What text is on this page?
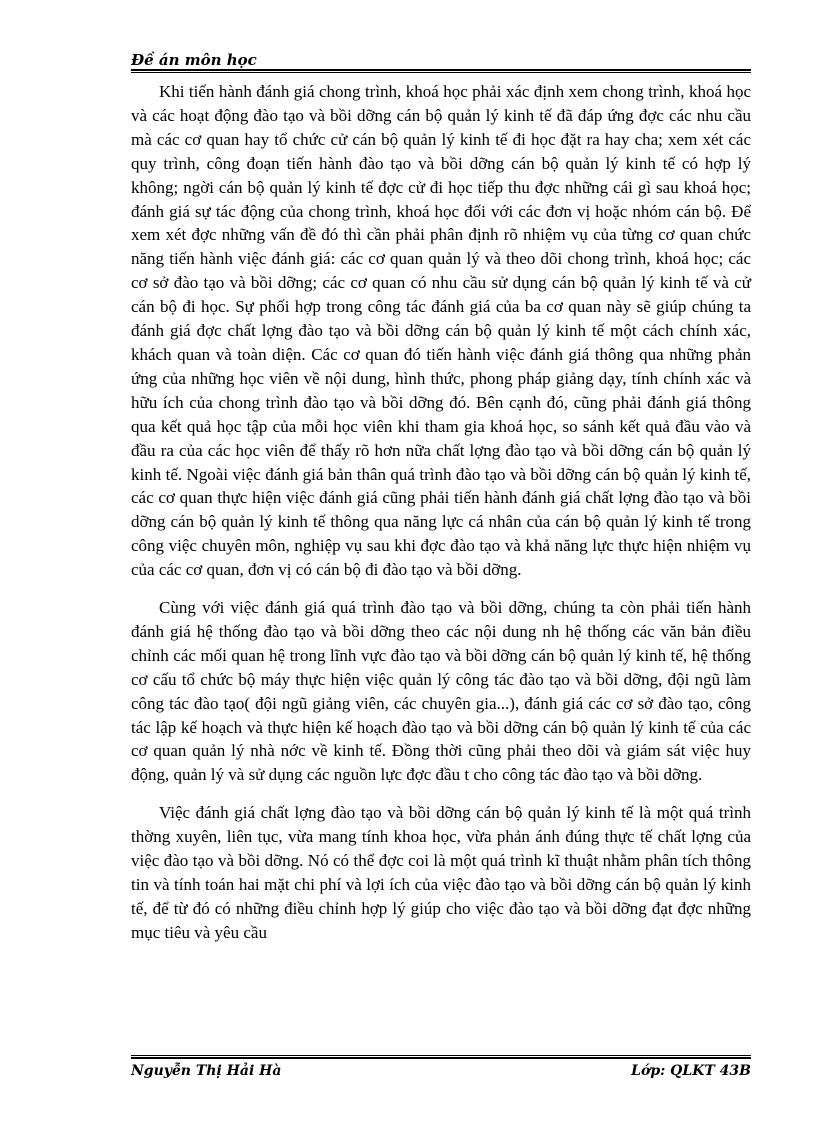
Đề án môn học

Khi tiến hành đánh giá chong trình, khoá học phải xác định xem chong trình, khoá học và các hoạt động đào tạo và bồi dỡng cán bộ quản lý kinh tế đã đáp ứng đợc các nhu cầu mà các cơ quan hay tổ chức cử cán bộ quản lý kinh tế đi học đặt ra hay cha; xem xét các quy trình, công đoạn tiến hành đào tạo và bồi dỡng cán bộ quản lý kinh tế có hợp lý không; ngời cán bộ quản lý kinh tế đợc cử đi học tiếp thu đợc những cái gì sau khoá học; đánh giá sự tác động của chong trình, khoá học đối với các đơn vị hoặc nhóm cán bộ. Để xem xét đợc những vấn đề đó thì cần phải phân định rõ nhiệm vụ của từng cơ quan chức năng tiến hành việc đánh giá: các cơ quan quản lý và theo dõi chong trình, khoá học; các cơ sở đào tạo và bồi dỡng; các cơ quan có nhu cầu sử dụng cán bộ quản lý kinh tế và cử cán bộ đi học. Sự phối hợp trong công tác đánh giá của ba cơ quan này sẽ giúp chúng ta đánh giá đợc chất lợng đào tạo và bồi dỡng cán bộ quản lý kinh tế một cách chính xác, khách quan và toàn diện. Các cơ quan đó tiến hành việc đánh giá thông qua những phản ứng của những học viên về nội dung, hình thức, phong pháp giảng dạy, tính chính xác và hữu ích của chong trình đào tạo và bồi dỡng đó. Bên cạnh đó, cũng phải đánh giá thông qua kết quả học tập của mỗi học viên khi tham gia khoá học, so sánh kết quả đầu vào và đầu ra của các học viên để thấy rõ hơn nữa chất lợng đào tạo và bồi dỡng cán bộ quản lý kinh tế. Ngoài việc đánh giá bản thân quá trình đào tạo và bồi dỡng cán bộ quản lý kinh tế, các cơ quan thực hiện việc đánh giá cũng phải tiến hành đánh giá chất lợng đào tạo và bồi dỡng cán bộ quản lý kinh tế thông qua năng lực cá nhân của cán bộ quản lý kinh tế trong công việc chuyên môn, nghiệp vụ sau khi đợc đào tạo và khả năng lực thực hiện nhiệm vụ của các cơ quan, đơn vị có cán bộ đi đào tạo và bồi dỡng.

Cùng với việc đánh giá quá trình đào tạo và bồi dỡng, chúng ta còn phải tiến hành đánh giá hệ thống đào tạo và bồi dỡng theo các nội dung nh hệ thống các văn bản điều chỉnh các mối quan hệ trong lĩnh vực đào tạo và bồi dỡng cán bộ quản lý kinh tế, hệ thống cơ cấu tổ chức bộ máy thực hiện việc quản lý công tác đào tạo và bồi dỡng, đội ngũ làm công tác đào tạo( đội ngũ giảng viên, các chuyên gia...), đánh giá các cơ sở đào tạo, công tác lập kế hoạch và thực hiện kế hoạch đào tạo và bồi dỡng cán bộ quản lý kinh tế của các cơ quan quản lý nhà nớc về kinh tế. Đồng thời cũng phải theo dõi và giám sát việc huy động, quản lý và sử dụng các nguồn lực đợc đầu t cho công tác đào tạo và bồi dỡng.

Việc đánh giá chất lợng đào tạo và bồi dỡng cán bộ quản lý kinh tế là một quá trình thờng xuyên, liên tục, vừa mang tính khoa học, vừa phản ánh đúng thực tế chất lợng của việc đào tạo và bồi dỡng. Nó có thể đợc coi là một quá trình kĩ thuật nhằm phân tích thông tin và tính toán hai mặt chi phí và lợi ích của việc đào tạo và bồi dỡng cán bộ quản lý kinh tế, để từ đó có những điều chỉnh hợp lý giúp cho việc đào tạo và bồi dỡng đạt đợc những mục tiêu và yêu cầu

Nguyễn Thị Hải Hà	Lớp: QLKT 43B
